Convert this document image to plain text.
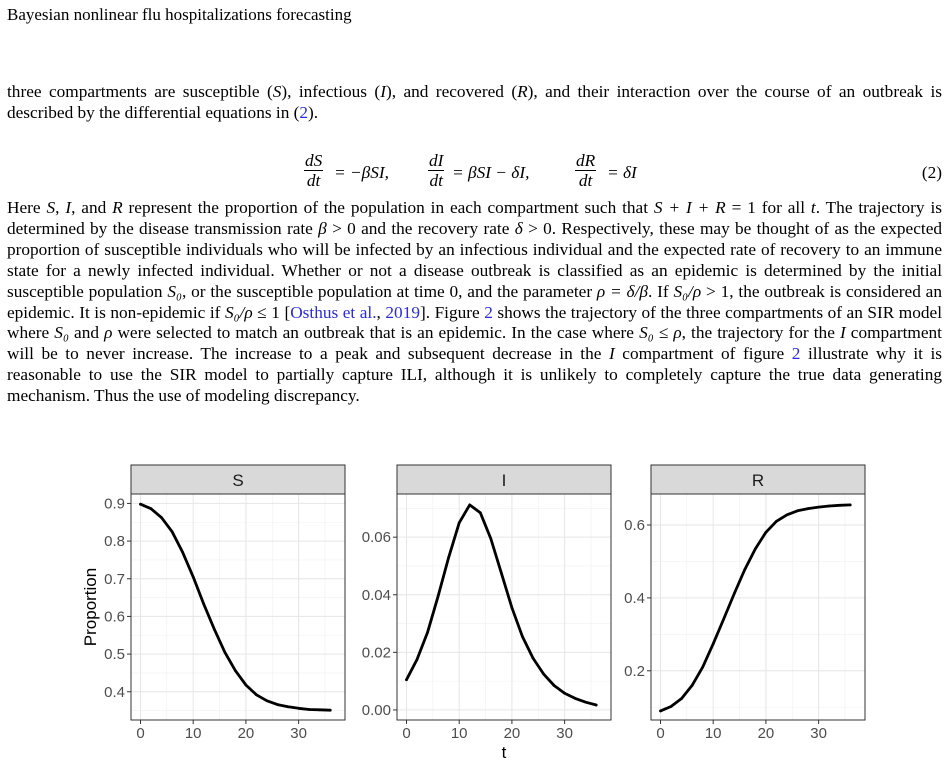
Bayesian nonlinear flu hospitalizations forecasting
three compartments are susceptible (S), infectious (I), and recovered (R), and their interaction over the course of an outbreak is described by the differential equations in (2).
$\frac{dS}{dt} = -\beta SI$, $\frac{dI}{dt} = \beta SI - \delta I$,	$\frac{dR}{dt} = \delta I$	(2)
Here S, I, and R represent the proportion of the population in each compartment such that S + I + R = 1 for all t. The trajectory is determined by the disease transmission rate β > 0 and the recovery rate δ > 0. Respectively, these may be thought of as the expected proportion of susceptible individuals who will be infected by an infectious individual and the expected rate of recovery to an immune state for a newly infected individual. Whether or not a disease outbreak is classified as an epidemic is determined by the initial susceptible population S₀, or the susceptible population at time 0, and the parameter ρ = δ/β. If S₀/ρ > 1, the outbreak is considered an epidemic. It is non-epidemic if S₀/ρ ≤ 1 [Osthus et al., 2019]. Figure 2 shows the trajectory of the three compartments of an SIR model where S₀ and ρ were selected to match an outbreak that is an epidemic. In the case where S₀ ≤ ρ, the trajectory for the I compartment will be to never increase. The increase to a peak and subsequent decrease in the I compartment of figure 2 illustrate why it is reasonable to use the SIR model to partially capture ILI, although it is unlikely to completely capture the true data generating mechanism. Thus the use of modeling discrepancy.
S
0	10 20 30
0.4
0.5
0.6
0.7
0.8
0.9
Proportion
I
0	10 20 30
0.00
0.02
0.04
0.06
t
R
0	10 20 30
0.2
0.4
0.6
